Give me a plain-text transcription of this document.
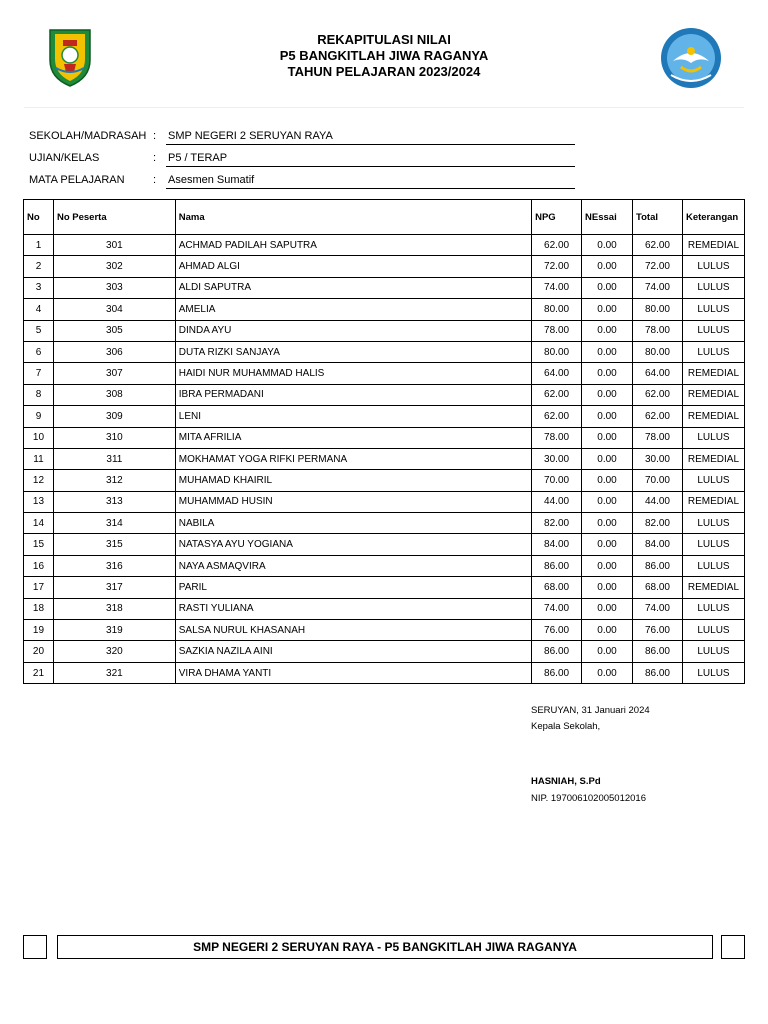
REKAPITULASI NILAI
P5 BANGKITLAH JIWA RAGANYA
TAHUN PELAJARAN 2023/2024
SEKOLAH/MADRASAH : SMP NEGERI 2 SERUYAN RAYA
UJIAN/KELAS	: P5 / TERAP
MATA PELAJARAN	: Asesmen Sumatif
No	No Peserta	Nama	NPG	NEssai	Total	Keterangan
1	301	ACHMAD PADILAH SAPUTRA	62.00	0.00	62.00	REMEDIAL
2	302	AHMAD ALGI	72.00	0.00	72.00	LULUS
3	303	ALDI SAPUTRA	74.00	0.00	74.00	LULUS
4	304	AMELIA	80.00	0.00	80.00	LULUS
5	305	DINDA AYU	78.00	0.00	78.00	LULUS
6	306	DUTA RIZKI SANJAYA	80.00	0.00	80.00	LULUS
7	307	HAIDI NUR MUHAMMAD HALIS	64.00	0.00	64.00	REMEDIAL
8	308	IBRA PERMADANI	62.00	0.00	62.00	REMEDIAL
9	309	LENI	62.00	0.00	62.00	REMEDIAL
10	310	MITA AFRILIA	78.00	0.00	78.00	LULUS
11	311	MOKHAMAT YOGA RIFKI PERMANA	30.00	0.00	30.00	REMEDIAL
12	312	MUHAMAD KHAIRIL	70.00	0.00	70.00	LULUS
13	313	MUHAMMAD HUSIN	44.00	0.00	44.00	REMEDIAL
14	314	NABILA	82.00	0.00	82.00	LULUS
15	315	NATASYA AYU YOGIANA	84.00	0.00	84.00	LULUS
16	316	NAYA ASMAQVIRA	86.00	0.00	86.00	LULUS
17	317	PARIL	68.00	0.00	68.00	REMEDIAL
18	318	RASTI YULIANA	74.00	0.00	74.00	LULUS
19	319	SALSA NURUL KHASANAH	76.00	0.00	76.00	LULUS
20	320	SAZKIA NAZILA AINI	86.00	0.00	86.00	LULUS
21	321	VIRA DHAMA YANTI	86.00	0.00	86.00	LULUS
SERUYAN, 31 Januari 2024
Kepala Sekolah,
HASNIAH, S.Pd
NIP. 197006102005012016
SMP NEGERI 2 SERUYAN RAYA - P5 BANGKITLAH JIWA RAGANYA
